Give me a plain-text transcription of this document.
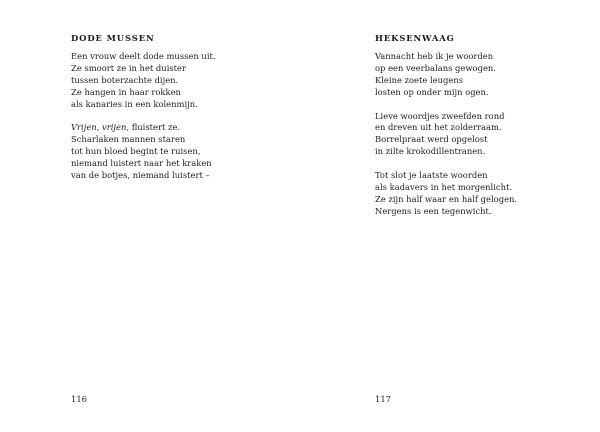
DODE MUSSEN
Een vrouw deelt dode mussen uit.
Ze smoort ze in het duister
tussen boterzachte dijen.
Ze hangen in haar rokken
als kanaries in een kolenmijn.
Vrijen, vrijen, fluistert ze.
Scharlaken mannen staren
tot hun bloed begint te ruisen,
niemand luistert naar het kraken
van de botjes, niemand luistert –
116
HEKSENWAAG
Vannacht heb ik je woorden
op een veerbalans gewogen.
Kleine zoete leugens
losten op onder mijn ogen.
Lieve woordjes zweefden rond
en dreven uit het zolderraam.
Borrelpraat werd opgelost
in zilte krokodillentranen.
Tot slot je laatste woorden
als kadavers in het morgenlicht.
Ze zijn half waar en half gelogen.
Nergens is een tegenwicht.
117
